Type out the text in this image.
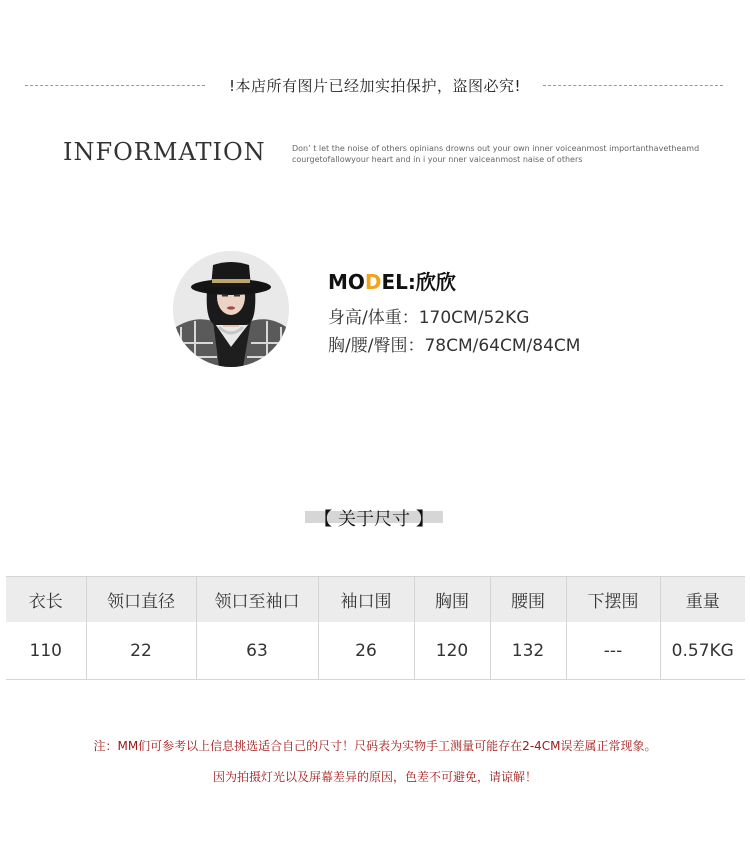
!本店所有图片已经加实拍保护，盗图必究!
INFORMATION	Don’ t let the noise of others opinians drowns out your own inner voiceanmost importanthavetheamd
courgetofallowyour heart and in i your nner vaiceanmost naise of others
MODEL:欣欣
身高/体重：170CM/52KG
胸/腰/臀围：78CM/64CM/84CM
【 关于尺寸 】
衣长	领口直径	领口至袖口	袖口围	胸围	腰围	下摆围	重量
110	22	63	26	120	132	---	0.57KG
注：MM们可参考以上信息挑选适合自己的尺寸！尺码表为实物手工测量可能存在2-4CM误差属正常现象。
因为拍摄灯光以及屏幕差异的原因，色差不可避免，请谅解！
